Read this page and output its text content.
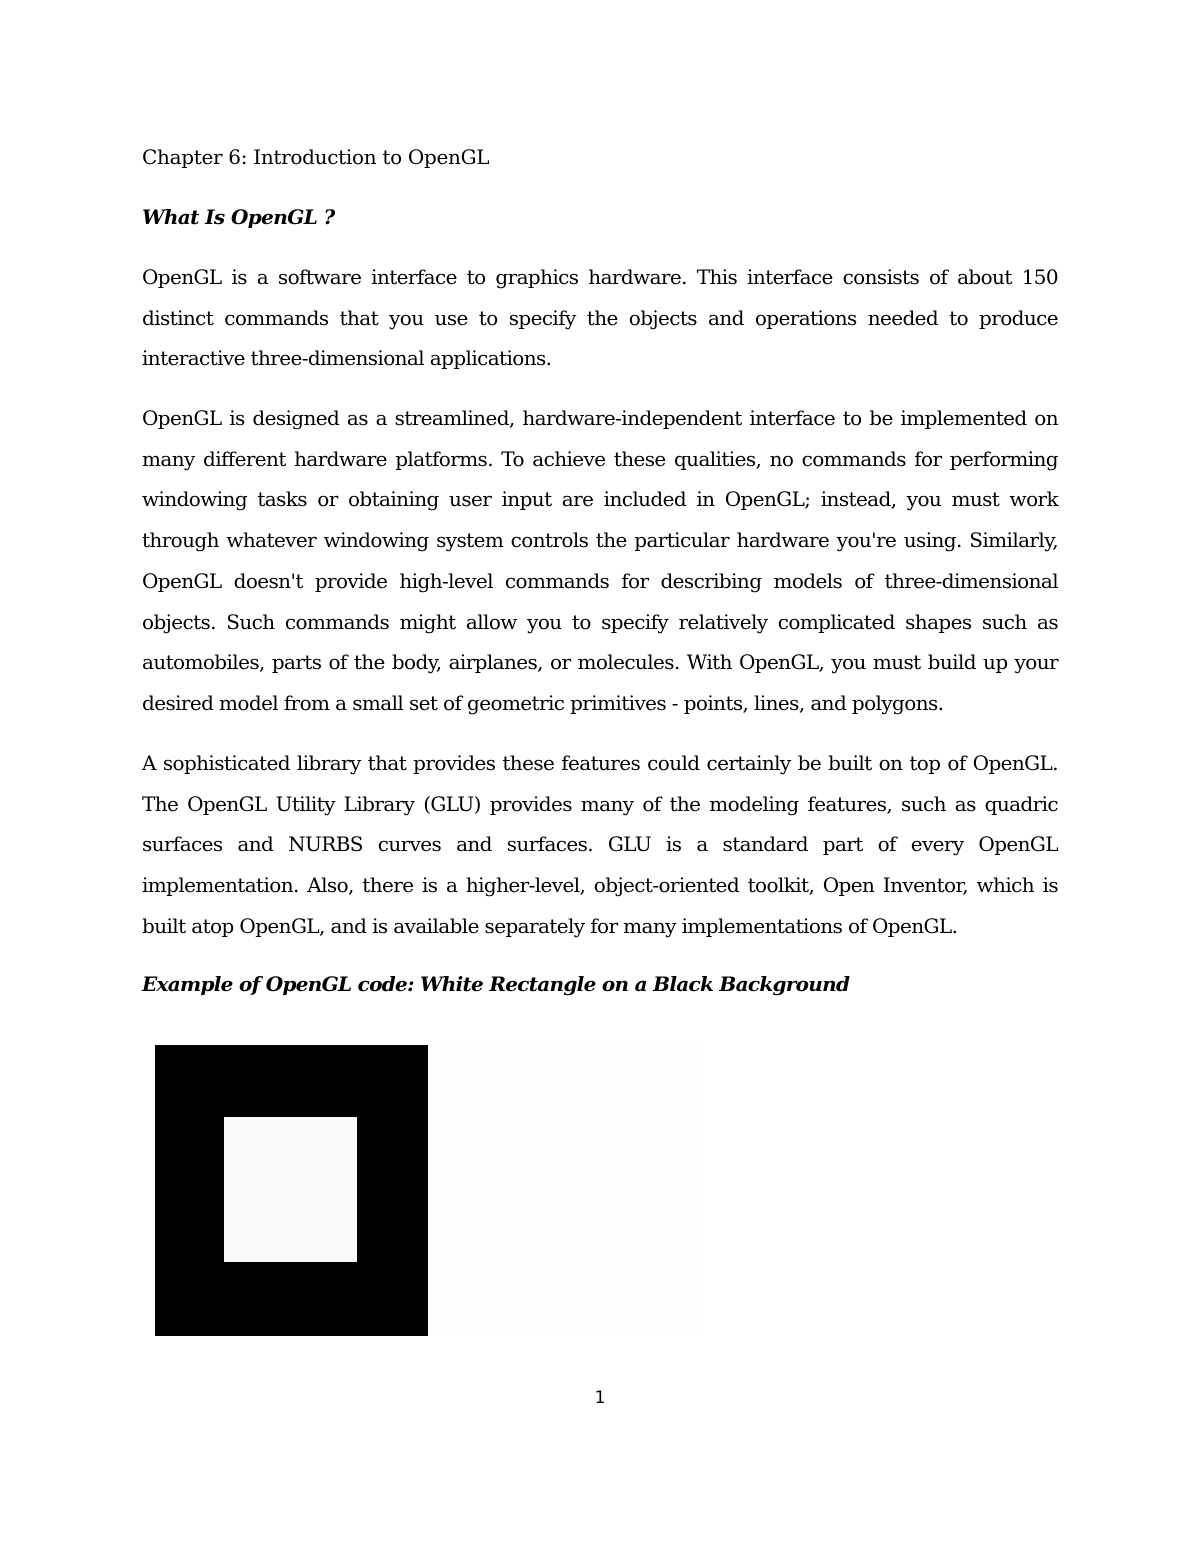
Chapter 6: Introduction to OpenGL
What Is OpenGL ?

OpenGL is a software interface to graphics hardware. This interface consists of about 150 distinct commands that you use to specify the objects and operations needed to produce interactive three-dimensional applications.

OpenGL is designed as a streamlined, hardware-independent interface to be implemented on many different hardware platforms. To achieve these qualities, no commands for performing windowing tasks or obtaining user input are included in OpenGL; instead, you must work through whatever windowing system controls the particular hardware you're using. Similarly, OpenGL doesn't provide high-level commands for describing models of three-dimensional objects. Such commands might allow you to specify relatively complicated shapes such as automobiles, parts of the body, airplanes, or molecules. With OpenGL, you must build up your desired model from a small set of geometric primitives - points, lines, and polygons.

A sophisticated library that provides these features could certainly be built on top of OpenGL. The OpenGL Utility Library (GLU) provides many of the modeling features, such as quadric surfaces and NURBS curves and surfaces. GLU is a standard part of every OpenGL implementation. Also, there is a higher-level, object-oriented toolkit, Open Inventor, which is built atop OpenGL, and is available separately for many implementations of OpenGL.

Example of OpenGL code: White Rectangle on a Black Background
1
